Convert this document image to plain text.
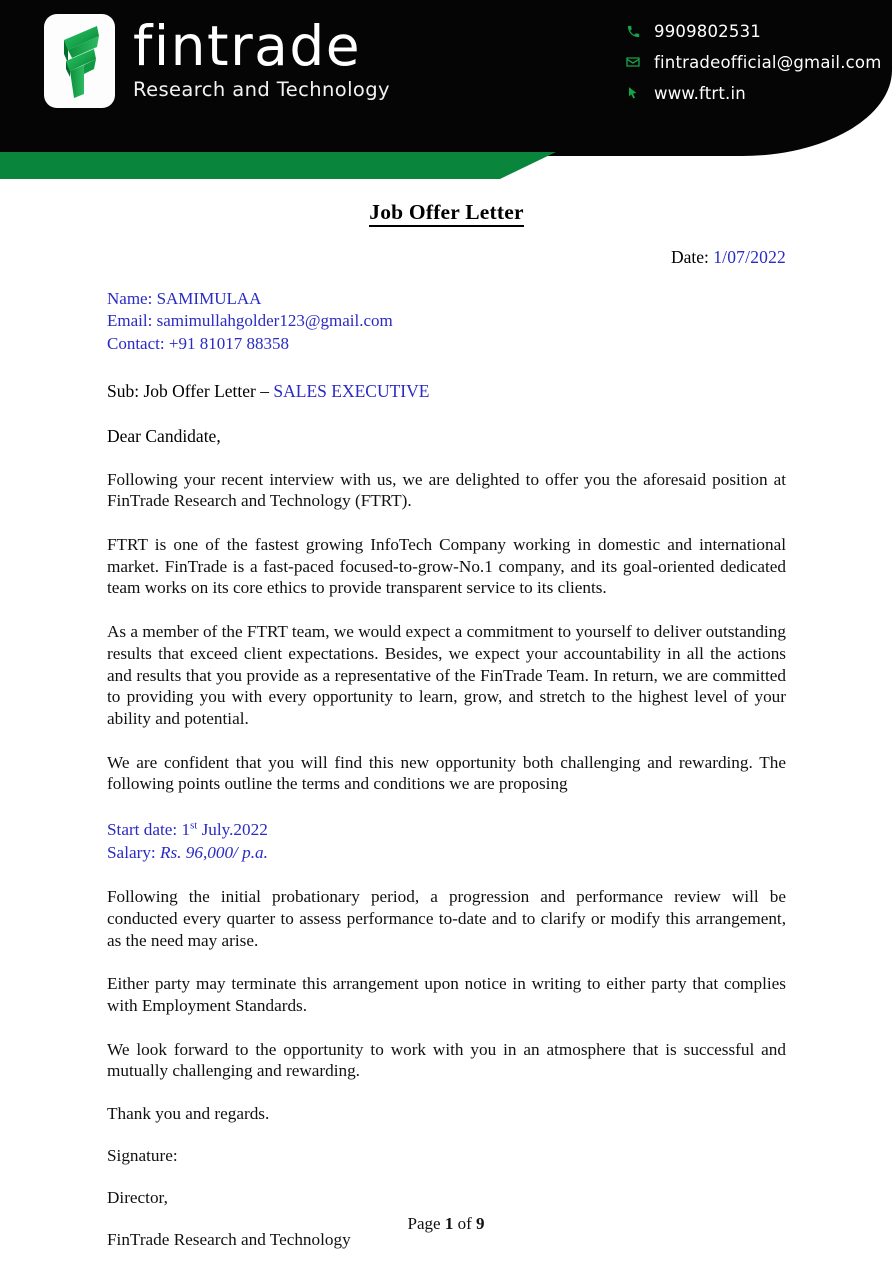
fintrade
Research and Technology
9909802531
fintradeofficial@gmail.com
www.ftrt.in
Job Offer Letter
Date: 1/07/2022
Name: SAMIMULAA
Email: samimullahgolder123@gmail.com
Contact: +91 81017 88358
Sub: Job Offer Letter – SALES EXECUTIVE
Dear Candidate,

Following your recent interview with us, we are delighted to offer you the aforesaid position at FinTrade Research and Technology (FTRT).

FTRT is one of the fastest growing InfoTech Company working in domestic and international market. FinTrade is a fast-paced focused-to-grow-No.1 company, and its goal-oriented dedicated team works on its core ethics to provide transparent service to its clients.

As a member of the FTRT team, we would expect a commitment to yourself to deliver outstanding results that exceed client expectations. Besides, we expect your accountability in all the actions and results that you provide as a representative of the FinTrade Team. In return, we are committed to providing you with every opportunity to learn, grow, and stretch to the highest level of your ability and potential.

We are confident that you will find this new opportunity both challenging and rewarding. The following points outline the terms and conditions we are proposing

Start date: 1st July.2022
Salary: Rs. 96,000/ p.a.

Following the initial probationary period, a progression and performance review will be conducted every quarter to assess performance to-date and to clarify or modify this arrangement, as the need may arise.

Either party may terminate this arrangement upon notice in writing to either party that complies with Employment Standards.

We look forward to the opportunity to work with you in an atmosphere that is successful and mutually challenging and rewarding.

Thank you and regards.
Signature:
Director,
FinTrade Research and Technology
Page 1 of 9
